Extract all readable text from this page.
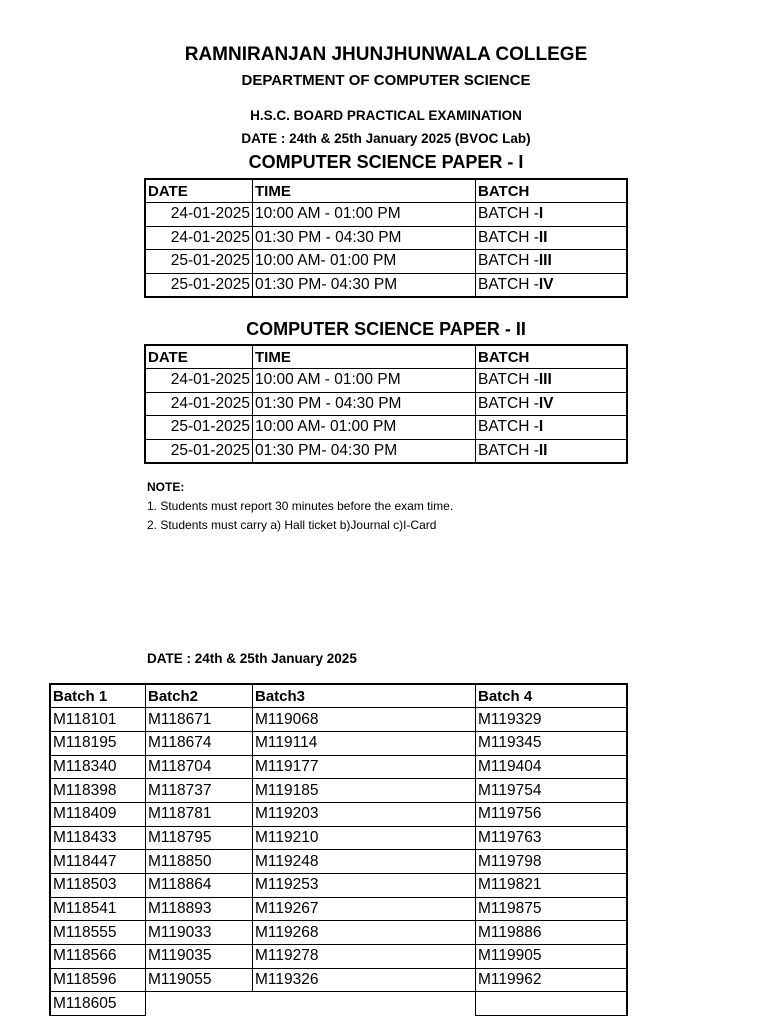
RAMNIRANJAN JHUNJHUNWALA COLLEGE
DEPARTMENT OF COMPUTER SCIENCE
H.S.C. BOARD PRACTICAL EXAMINATION
DATE : 24th & 25th January 2025 (BVOC Lab)
COMPUTER SCIENCE PAPER - I
DATE	TIME	BATCH
24-01-2025	10:00 AM - 01:00 PM	BATCH -I
24-01-2025	01:30 PM - 04:30 PM	BATCH -II
25-01-2025	10:00 AM- 01:00 PM	BATCH -III
25-01-2025	01:30 PM- 04:30 PM	BATCH -IV
COMPUTER SCIENCE PAPER - II
DATE	TIME	BATCH
24-01-2025	10:00 AM - 01:00 PM	BATCH -III
24-01-2025	01:30 PM - 04:30 PM	BATCH -IV
25-01-2025	10:00 AM- 01:00 PM	BATCH -I
25-01-2025	01:30 PM- 04:30 PM	BATCH -II
NOTE:
1. Students must report 30 minutes before the exam time.
2. Students must carry a) Hall ticket b)Journal c)I-Card
DATE : 24th & 25th January 2025
Batch 1	Batch2	Batch3	Batch 4
M118101	M118671	M119068	M119329
M118195	M118674	M119114	M119345
M118340	M118704	M119177	M119404
M118398	M118737	M119185	M119754
M118409	M118781	M119203	M119756
M118433	M118795	M119210	M119763
M118447	M118850	M119248	M119798
M118503	M118864	M119253	M119821
M118541	M118893	M119267	M119875
M118555	M119033	M119268	M119886
M118566	M119035	M119278	M119905
M118596	M119055	M119326	M119962
M118605			
